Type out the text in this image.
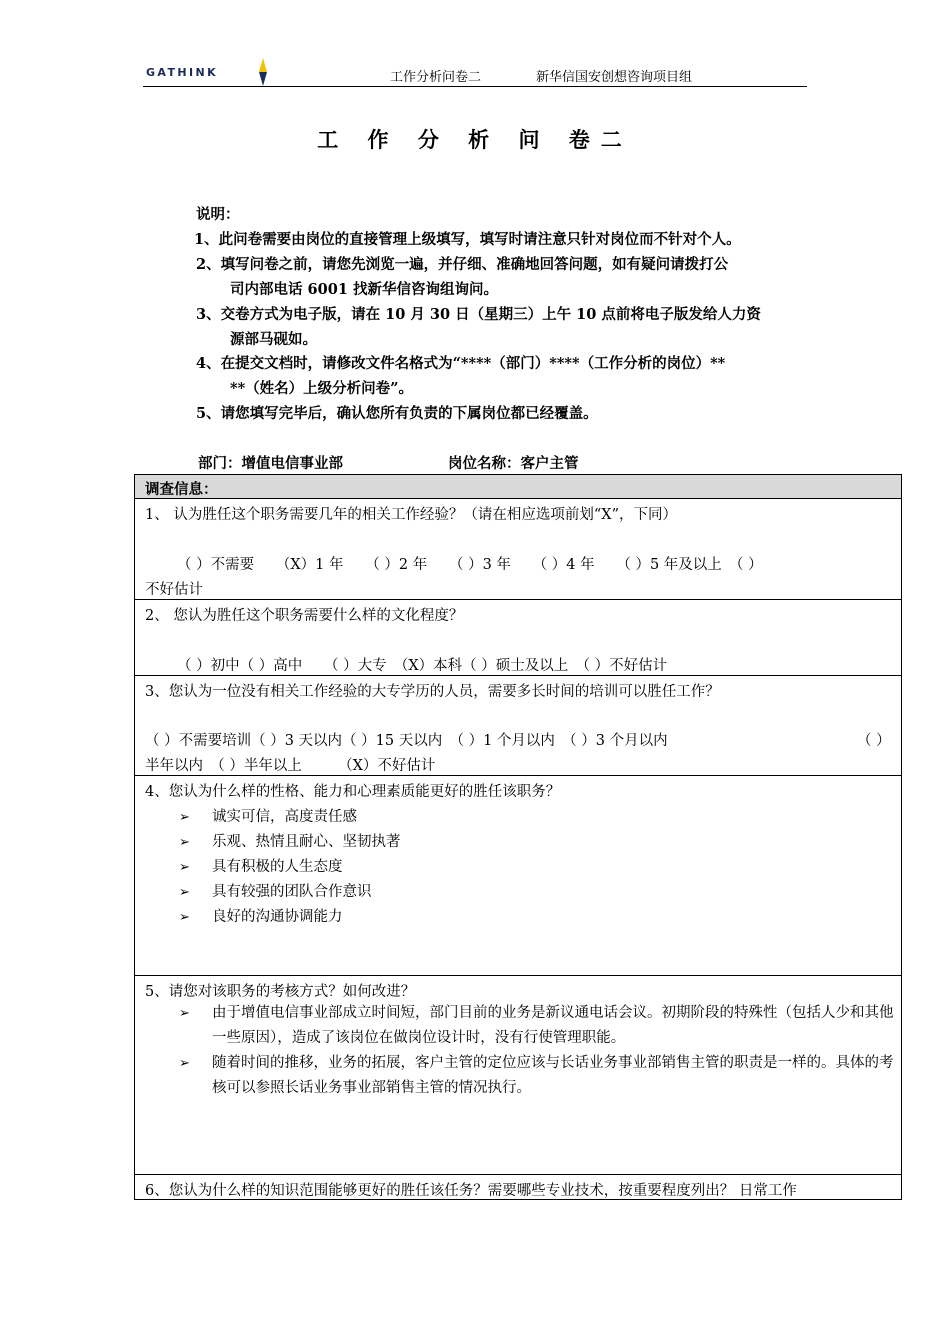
GATHINK	工作分析问卷二	新华信国安创想咨询项目组
工 作 分 析 问 卷二
说明：
1、此问卷需要由岗位的直接管理上级填写，填写时请注意只针对岗位而不针对个人。
2、填写问卷之前，请您先浏览一遍，并仔细、准确地回答问题，如有疑问请拨打公
司内部电话 6001 找新华信咨询组询问。
3、交卷方式为电子版，请在 10 月 30 日（星期三）上午 10 点前将电子版发给人力资
源部马砚如。
4、在提交文档时，请修改文件名格式为“****（部门）****（工作分析的岗位）**
**（姓名）上级分析问卷”。
5、请您填写完毕后，确认您所有负责的下属岗位都已经覆盖。
部门：增值电信事业部	岗位名称：客户主管
调查信息：
1、 认为胜任这个职务需要几年的相关工作经验？（请在相应选项前划“X”，下同）
（ ）不需要　　（X）1 年　　（ ）2 年　　（ ）3 年　　（ ）4 年　　（ ）5 年及以上　（ ）
不好估计
2、 您认为胜任这个职务需要什么样的文化程度？
（ ）初中（ ）高中　　（ ）大专　（X）本科（ ）硕士及以上　（ ）不好估计
3、您认为一位没有相关工作经验的大专学历的人员，需要多长时间的培训可以胜任工作？
（ ）不需要培训（ ）3 天以内（ ）15 天以内　（ ）1 个月以内　（ ）3 个月以内	（ ）
半年以内　（ ）半年以上　　　（X）不好估计
4、您认为什么样的性格、能力和心理素质能更好的胜任该职务？
➢ 诚实可信，高度责任感
➢ 乐观、热情且耐心、坚韧执著
➢ 具有积极的人生态度
➢ 具有较强的团队合作意识
➢ 良好的沟通协调能力
5、请您对该职务的考核方式？如何改进？
➢ 由于增值电信事业部成立时间短，部门目前的业务是新议通电话会议。初期阶段的特殊性（包括人少和其他一些原因），造成了该岗位在做岗位设计时，没有行使管理职能。
➢ 随着时间的推移，业务的拓展，客户主管的定位应该与长话业务事业部销售主管的职责是一样的。具体的考核可以参照长话业务事业部销售主管的情况执行。
6、您认为什么样的知识范围能够更好的胜任该任务？需要哪些专业技术，按重要程度列出？ 日常工作
